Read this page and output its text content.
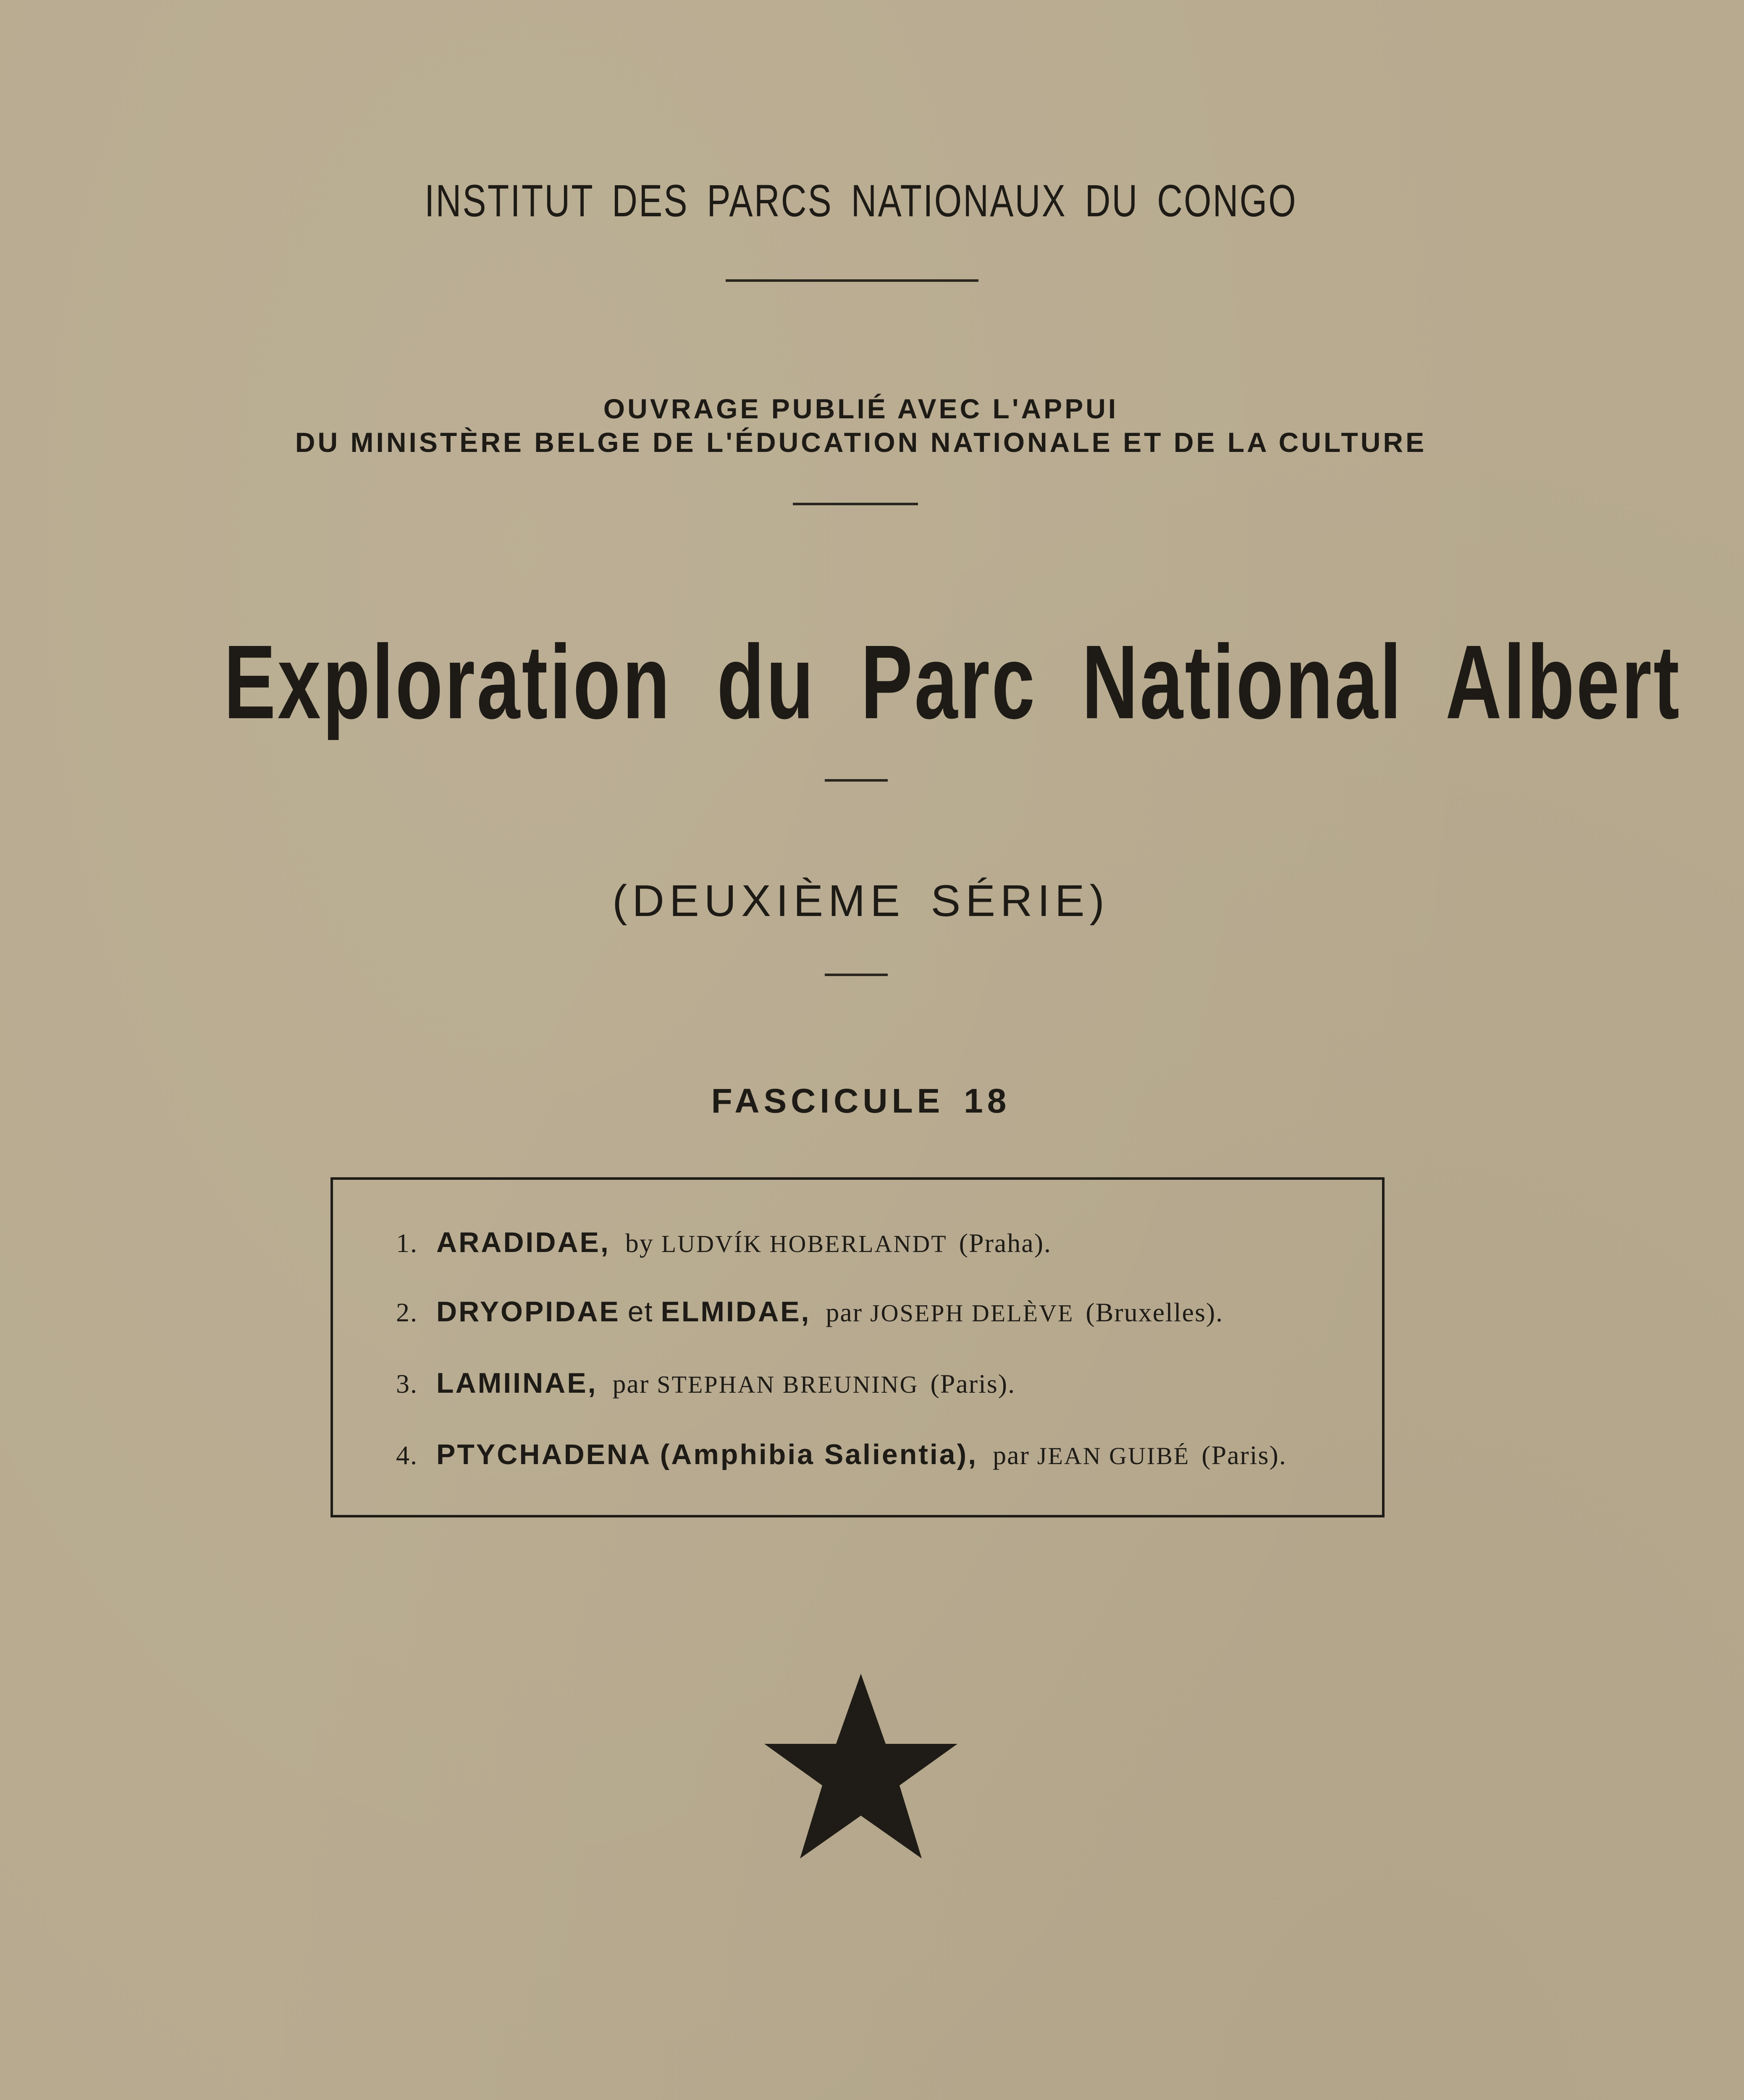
INSTITUT DES PARCS NATIONAUX DU CONGO
OUVRAGE PUBLIÉ AVEC L'APPUI
DU MINISTÈRE BELGE DE L'ÉDUCATION NATIONALE ET DE LA CULTURE
Exploration du Parc National Albert
(DEUXIÈME SÉRIE)
FASCICULE 18
1. ARADIDAE, by LUDVÍK HOBERLANDT (Praha).
2. DRYOPIDAE et ELMIDAE, par JOSEPH DELÈVE (Bruxelles).
3. LAMIINAE, par STEPHAN BREUNING (Paris).
4. PTYCHADENA (Amphibia Salientia), par JEAN GUIBÉ (Paris).
